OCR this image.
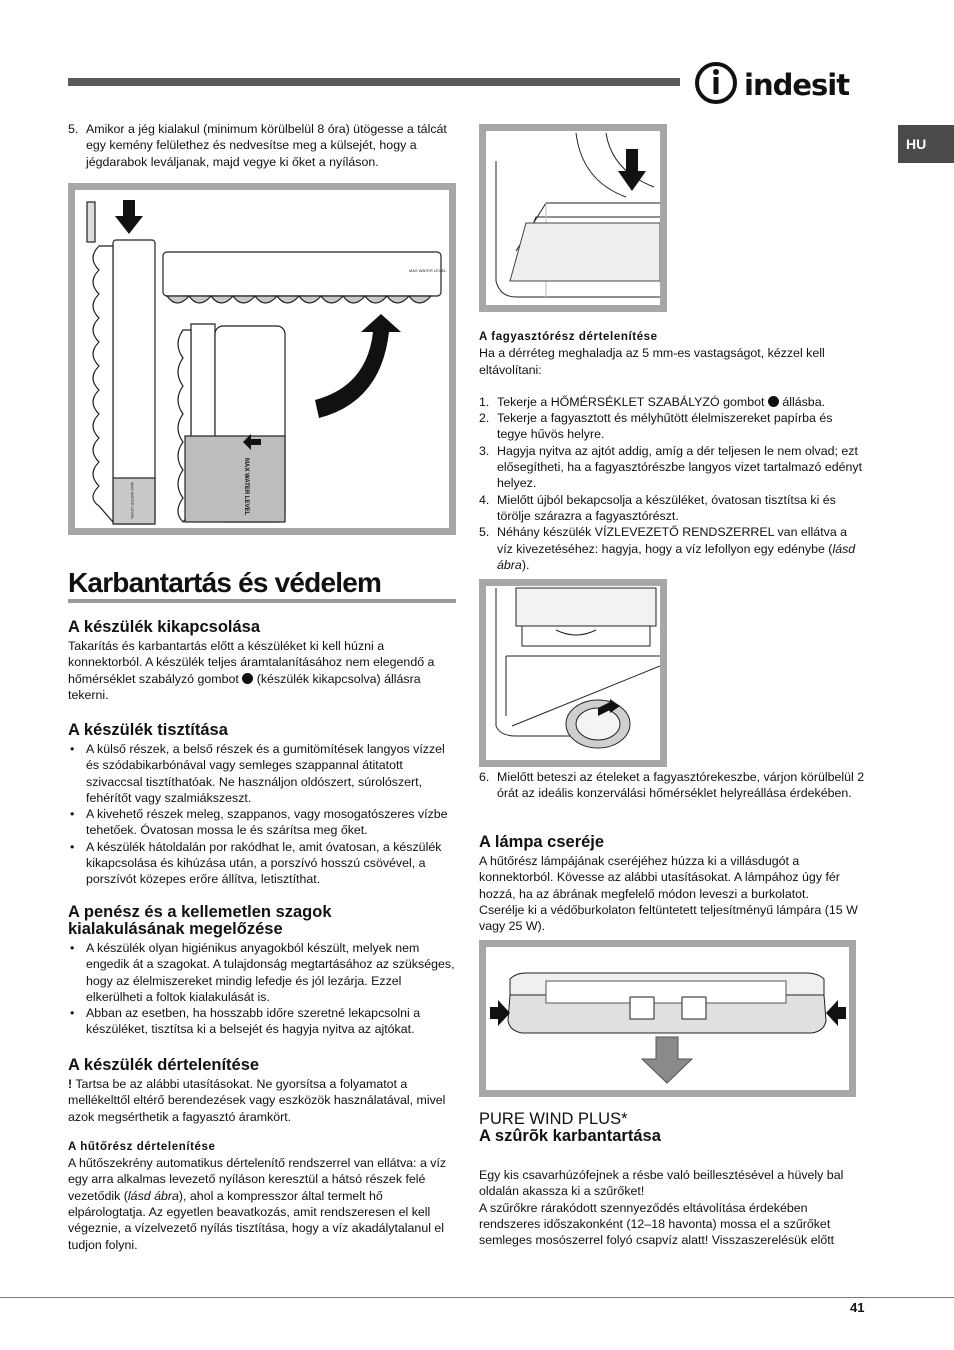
indesit
HU
5. Amikor a jég kialakul (minimum körülbelül 8 óra) ütögesse a tálcát egy kemény felülethez és nedvesítse meg a külsejét, hogy a jégdarabok leváljanak, majd vegye ki őket a nyíláson.

MAX WATER LEVEL
MAX WATER LEVEL
MAX WATER LEVEL
Karbantartás és védelem
A készülék kikapcsolása

Takarítás és karbantartás előtt a készüléket ki kell húzni a konnektorból. A készülék teljes áramtalanításához nem elegendő a hőmérséklet szabályzó gombot (készülék kikapcsolva) állásra tekerni.

A készülék tisztítása
• A külső részek, a belső részek és a gumitömítések langyos vízzel és szódabikarbónával vagy semleges szappannal átitatott szivaccsal tisztíthatóak. Ne használjon oldószert, súrolószert, fehérítőt vagy szalmiákszeszt.

• A kivehető részek meleg, szappanos, vagy mosogatószeres vízbe tehetőek. Óvatosan mossa le és szárítsa meg őket.

• A készülék hátoldalán por rakódhat le, amit óvatosan, a készülék kikapcsolása és kihúzása után, a porszívó hosszú csövével, a porszívót közepes erőre állítva, letisztíthat.

A penész és a kellemetlen szagok
kialakulásának megelőzése
• A készülék olyan higiénikus anyagokból készült, melyek nem engedik át a szagokat. A tulajdonság megtartásához az szükséges, hogy az élelmiszereket mindig lefedje és jól lezárja. Ezzel elkerülheti a foltok kialakulását is.

• Abban az esetben, ha hosszabb időre szeretné lekapcsolni a készüléket, tisztítsa ki a belsejét és hagyja nyitva az ajtókat.

A készülék dértelenítése

! Tartsa be az alábbi utasításokat. Ne gyorsítsa a folyamatot a mellékelttől eltérő berendezések vagy eszközök használatával, mivel azok megsérthetik a fagyasztó áramkört.

A hűtőrész dértelenítése

A hűtőszekrény automatikus dértelenítő rendszerrel van ellátva: a víz egy arra alkalmas levezető nyíláson keresztül a hátsó részek felé vezetődik (lásd ábra), ahol a kompresszor által termelt hő elpárologtatja. Az egyetlen beavatkozás, amit rendszeresen el kell végeznie, a vízelvezető nyílás tisztítása, hogy a víz akadálytalanul el tudjon folyni.

A fagyasztórész dértelenítése

Ha a dérréteg meghaladja az 5 mm-es vastagságot, kézzel kell eltávolítani:

1. Tekerje a HŐMÉRSÉKLET SZABÁLYZÓ gombot állásba.

2. Tekerje a fagyasztott és mélyhűtött élelmiszereket papírba és tegye hűvös helyre.

3. Hagyja nyitva az ajtót addig, amíg a dér teljesen le nem olvad; ezt elősegítheti, ha a fagyasztórészbe langyos vizet tartalmazó edényt helyez.

4. Mielőtt újból bekapcsolja a készüléket, óvatosan tisztítsa ki és törölje szárazra a fagyasztórészt.

5. Néhány készülék VÍZLEVEZETŐ RENDSZERREL van ellátva a víz kivezetéséhez: hagyja, hogy a víz lefollyon egy edénybe (lásd ábra).

6. Mielőtt beteszi az ételeket a fagyasztórekeszbe, várjon körülbelül 2 órát az ideális konzerválási hőmérséklet helyreállása érdekében.

A lámpa cseréje

A hűtőrész lámpájának cseréjéhez húzza ki a villásdugót a konnektorból. Kövesse az alábbi utasításokat. A lámpához úgy fér hozzá, ha az ábrának megfelelő módon leveszi a burkolatot.

Cserélje ki a védőburkolaton feltüntetett teljesítményű lámpára (15 W vagy 25 W).

PURE WIND PLUS*
A szûrõk karbantartása

Egy kis csavarhúzófejnek a résbe való beillesztésével a hüvely bal oldalán akassza ki a szűrőket!

A szűrőkre rárakódott szennyeződés eltávolítása érdekében rendszeres időszakonként (12–18 havonta) mossa el a szűrőket semleges mosószerrel folyó csapvíz alatt! Visszaszerelésük előtt

41
